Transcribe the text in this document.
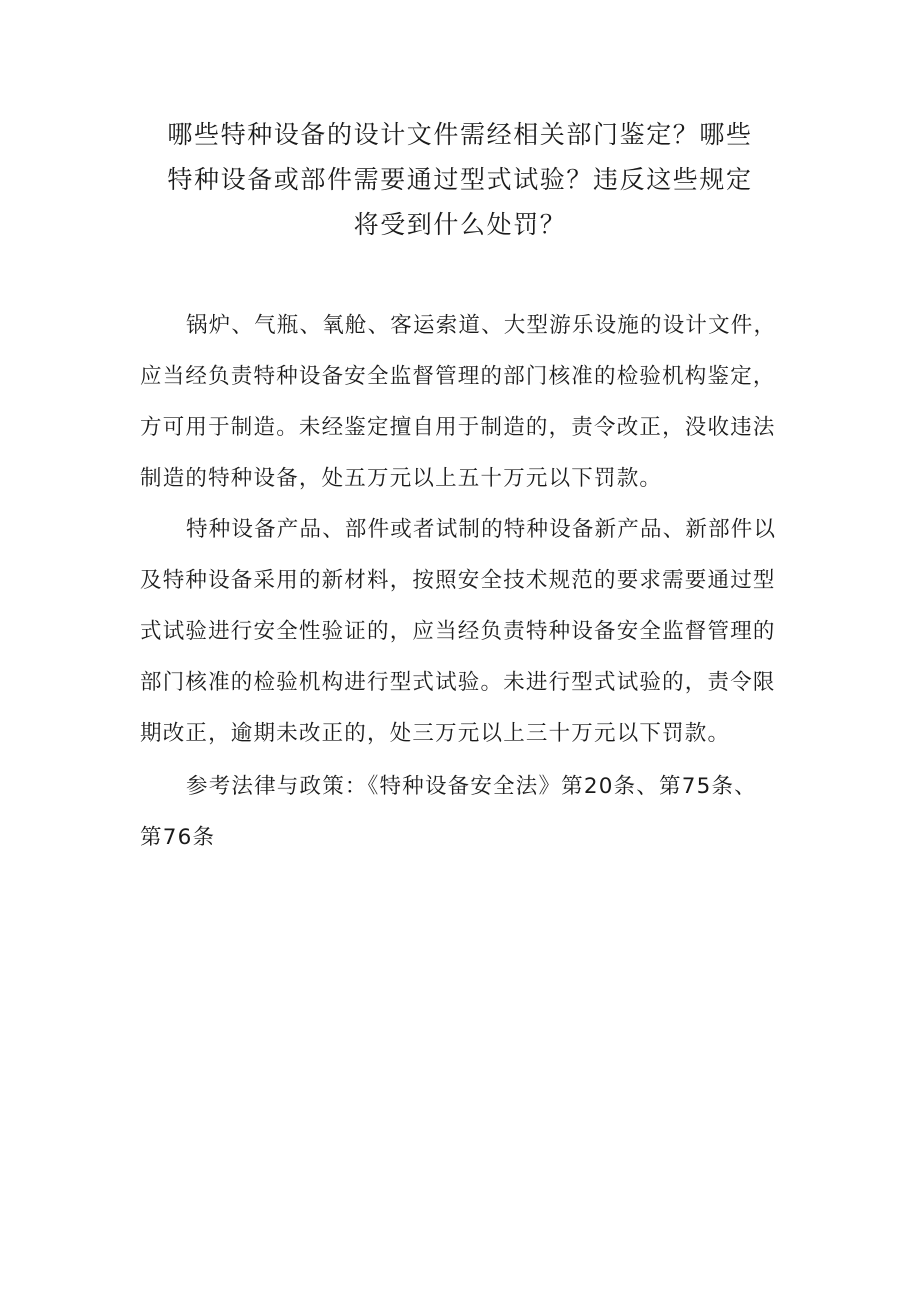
哪些特种设备的设计文件需经相关部门鉴定？哪些
特种设备或部件需要通过型式试验？违反这些规定
将受到什么处罚？

锅炉、气瓶、氧舱、客运索道、大型游乐设施的设计文件，
应当经负责特种设备安全监督管理的部门核准的检验机构鉴定，
方可用于制造。未经鉴定擅自用于制造的，责令改正，没收违法
制造的特种设备，处五万元以上五十万元以下罚款。

特种设备产品、部件或者试制的特种设备新产品、新部件以
及特种设备采用的新材料，按照安全技术规范的要求需要通过型
式试验进行安全性验证的，应当经负责特种设备安全监督管理的
部门核准的检验机构进行型式试验。未进行型式试验的，责令限
期改正，逾期未改正的，处三万元以上三十万元以下罚款。

参考法律与政策：《特种设备安全法》第20条、第75条、
第76条
